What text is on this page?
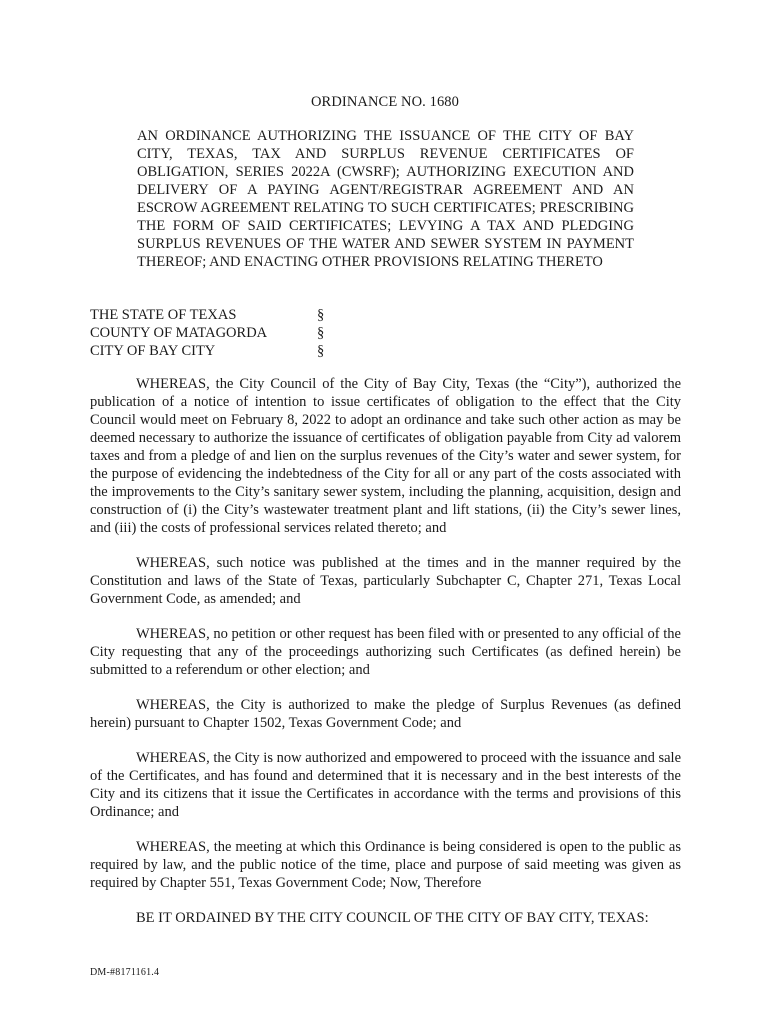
ORDINANCE NO. 1680
AN ORDINANCE AUTHORIZING THE ISSUANCE OF THE CITY OF BAY CITY, TEXAS, TAX AND SURPLUS REVENUE CERTIFICATES OF OBLIGATION, SERIES 2022A (CWSRF); AUTHORIZING EXECUTION AND DELIVERY OF A PAYING AGENT/REGISTRAR AGREEMENT AND AN ESCROW AGREEMENT RELATING TO SUCH CERTIFICATES; PRESCRIBING THE FORM OF SAID CERTIFICATES; LEVYING A TAX AND PLEDGING SURPLUS REVENUES OF THE WATER AND SEWER SYSTEM IN PAYMENT THEREOF; AND ENACTING OTHER PROVISIONS RELATING THERETO
THE STATE OF TEXAS	§
COUNTY OF MATAGORDA	§
CITY OF BAY CITY	§

WHEREAS, the City Council of the City of Bay City, Texas (the “City”), authorized the publication of a notice of intention to issue certificates of obligation to the effect that the City Council would meet on February 8, 2022 to adopt an ordinance and take such other action as may be deemed necessary to authorize the issuance of certificates of obligation payable from City ad valorem taxes and from a pledge of and lien on the surplus revenues of the City’s water and sewer system, for the purpose of evidencing the indebtedness of the City for all or any part of the costs associated with the improvements to the City’s sanitary sewer system, including the planning, acquisition, design and construction of (i) the City’s wastewater treatment plant and lift stations, (ii) the City’s sewer lines, and (iii) the costs of professional services related thereto; and

WHEREAS, such notice was published at the times and in the manner required by the Constitution and laws of the State of Texas, particularly Subchapter C, Chapter 271, Texas Local Government Code, as amended; and

WHEREAS, no petition or other request has been filed with or presented to any official of the City requesting that any of the proceedings authorizing such Certificates (as defined herein) be submitted to a referendum or other election; and

WHEREAS, the City is authorized to make the pledge of Surplus Revenues (as defined herein) pursuant to Chapter 1502, Texas Government Code; and

WHEREAS, the City is now authorized and empowered to proceed with the issuance and sale of the Certificates, and has found and determined that it is necessary and in the best interests of the City and its citizens that it issue the Certificates in accordance with the terms and provisions of this Ordinance; and

WHEREAS, the meeting at which this Ordinance is being considered is open to the public as required by law, and the public notice of the time, place and purpose of said meeting was given as required by Chapter 551, Texas Government Code; Now, Therefore

BE IT ORDAINED BY THE CITY COUNCIL OF THE CITY OF BAY CITY, TEXAS:

DM-#8171161.4
